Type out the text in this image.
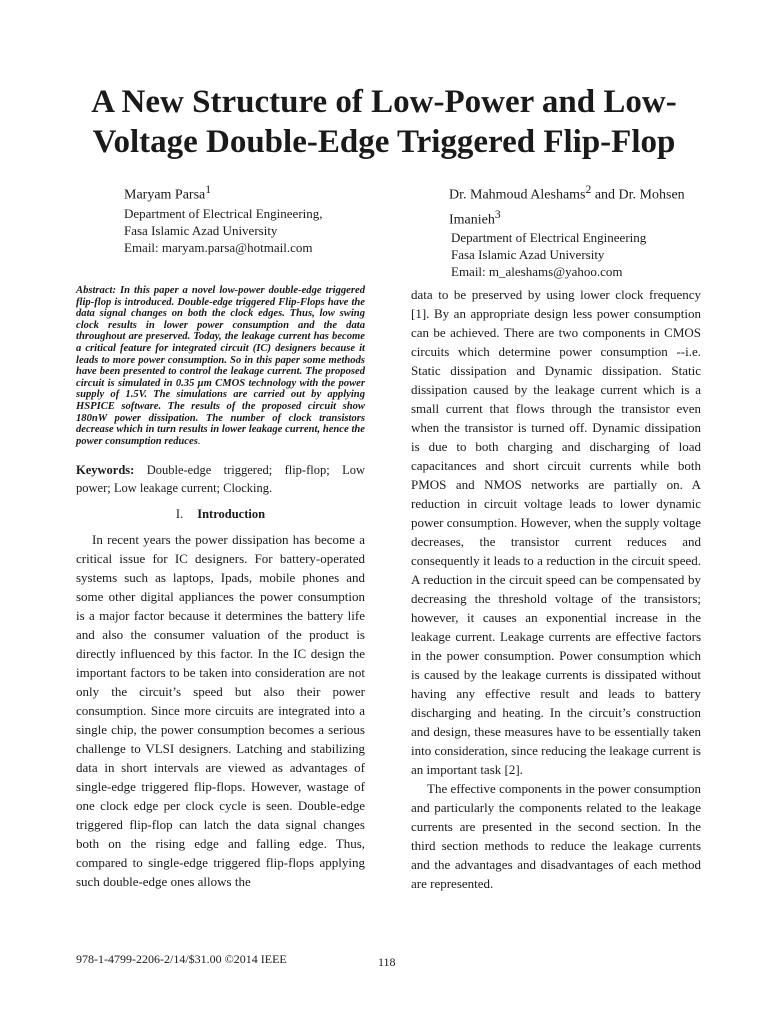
A New Structure of Low-Power and Low-Voltage Double-Edge Triggered Flip-Flop
Maryam Parsa$^1$
Department of Electrical Engineering,
Fasa Islamic Azad University
Email: maryam.parsa@hotmail.com
Dr. Mahmoud Aleshams$^2$ and Dr. Mohsen Imanieh$^3$
Department of Electrical Engineering
Fasa Islamic Azad University
Email: m_aleshams@yahoo.com

Abstract: In this paper a novel low-power double-edge triggered flip-flop is introduced. Double-edge triggered Flip-Flops have the data signal changes on both the clock edges. Thus, low swing clock results in lower power consumption and the data throughout are preserved. Today, the leakage current has become a critical feature for integrated circuit (IC) designers because it leads to more power consumption. So in this paper some methods have been presented to control the leakage current. The proposed circuit is simulated in 0.35 μm CMOS technology with the power supply of 1.5V. The simulations are carried out by applying HSPICE software. The results of the proposed circuit show 180nW power dissipation. The number of clock transistors decrease which in turn results in lower leakage current, hence the power consumption reduces.

Keywords: Double-edge triggered; flip-flop; Low power; Low leakage current; Clocking.

I. Introduction

In recent years the power dissipation has become a critical issue for IC designers. For battery-operated systems such as laptops, Ipads, mobile phones and some other digital appliances the power consumption is a major factor because it determines the battery life and also the consumer valuation of the product is directly influenced by this factor. In the IC design the important factors to be taken into consideration are not only the circuit’s speed but also their power consumption. Since more circuits are integrated into a single chip, the power consumption becomes a serious challenge to VLSI designers. Latching and stabilizing data in short intervals are viewed as advantages of single-edge triggered flip-flops. However, wastage of one clock edge per clock cycle is seen. Double-edge triggered flip-flop can latch the data signal changes both on the rising edge and falling edge. Thus, compared to single-edge triggered flip-flops applying such double-edge ones allows the

data to be preserved by using lower clock frequency [1]. By an appropriate design less power consumption can be achieved. There are two components in CMOS circuits which determine power consumption --i.e. Static dissipation and Dynamic dissipation. Static dissipation caused by the leakage current which is a small current that flows through the transistor even when the transistor is turned off. Dynamic dissipation is due to both charging and discharging of load capacitances and short circuit currents while both PMOS and NMOS networks are partially on. A reduction in circuit voltage leads to lower dynamic power consumption. However, when the supply voltage decreases, the transistor current reduces and consequently it leads to a reduction in the circuit speed. A reduction in the circuit speed can be compensated by decreasing the threshold voltage of the transistors; however, it causes an exponential increase in the leakage current. Leakage currents are effective factors in the power consumption. Power consumption which is caused by the leakage currents is dissipated without having any effective result and leads to battery discharging and heating. In the circuit’s construction and design, these measures have to be essentially taken into consideration, since reducing the leakage current is an important task [2].

The effective components in the power consumption and particularly the components related to the leakage currents are presented in the second section. In the third section methods to reduce the leakage currents and the advantages and disadvantages of each method are represented.

978-1-4799-2206-2/14/$31.00 ©2014 IEEE	118
